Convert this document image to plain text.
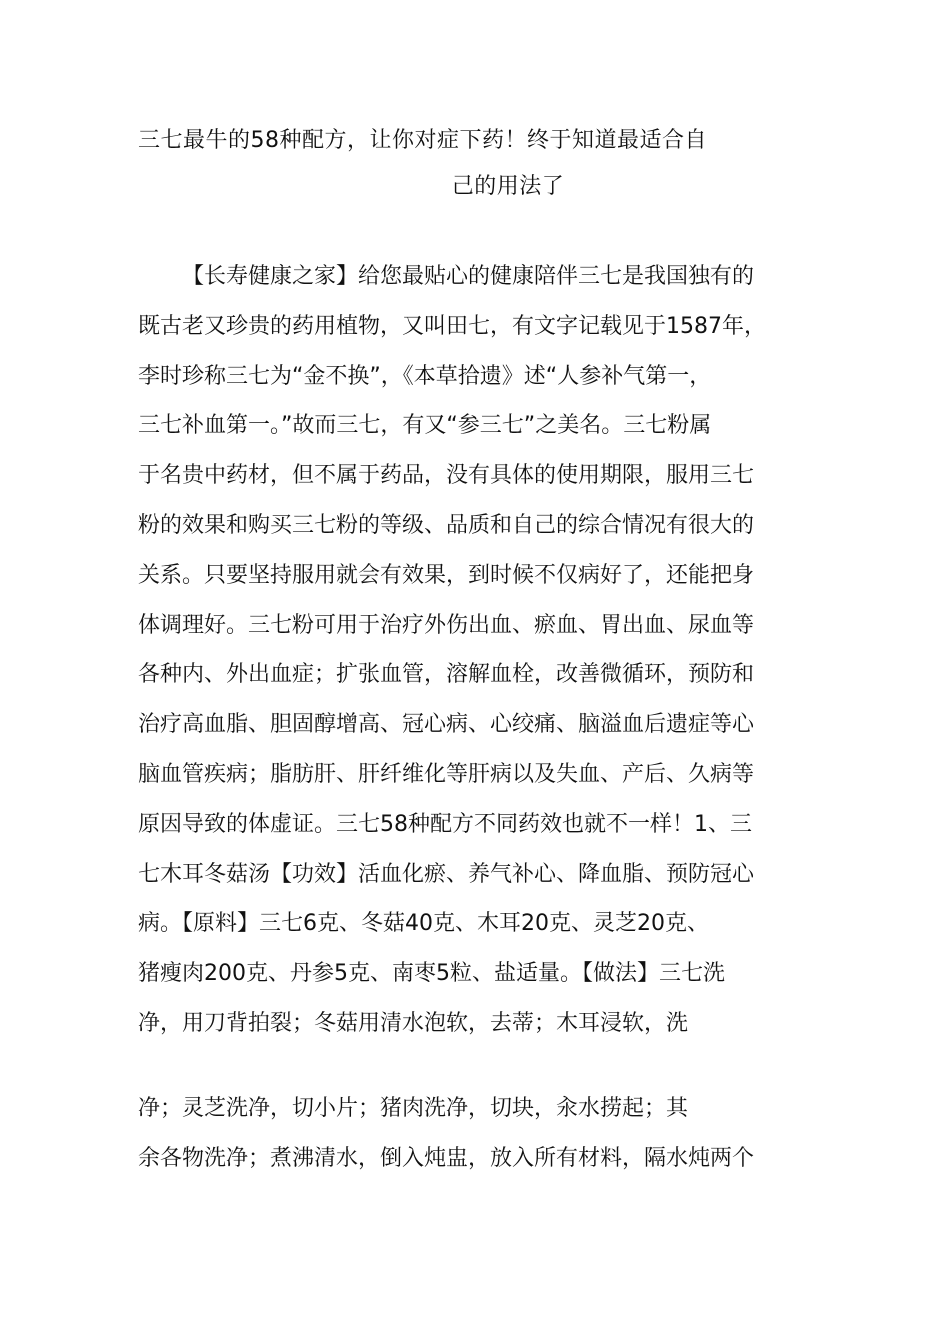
三七最牛的58种配方，让你对症下药！终于知道最适合自
己的用法了
【长寿健康之家】给您最贴心的健康陪伴三七是我国独有的
既古老又珍贵的药用植物，又叫田七，有文字记载见于1587年，
李时珍称三七为“金不换”，《本草拾遗》述“人参补气第一，
三七补血第一。”故而三七，有又“参三七”之美名。三七粉属
于名贵中药材，但不属于药品，没有具体的使用期限，服用三七
粉的效果和购买三七粉的等级、品质和自己的综合情况有很大的
关系。只要坚持服用就会有效果，到时候不仅病好了，还能把身
体调理好。三七粉可用于治疗外伤出血、瘀血、胃出血、尿血等
各种内、外出血症；扩张血管，溶解血栓，改善微循环，预防和
治疗高血脂、胆固醇增高、冠心病、心绞痛、脑溢血后遗症等心
脑血管疾病；脂肪肝、肝纤维化等肝病以及失血、产后、久病等
原因导致的体虚证。三七58种配方不同药效也就不一样！1、三
七木耳冬菇汤【功效】活血化瘀、养气补心、降血脂、预防冠心
病。【原料】三七6克、冬菇40克、木耳20克、灵芝20克、
猪瘦肉200克、丹参5克、南枣5粒、盐适量。【做法】三七洗
净，用刀背拍裂；冬菇用清水泡软，去蒂；木耳浸软，洗
净；灵芝洗净，切小片；猪肉洗净，切块，汆水捞起；其
余各物洗净；煮沸清水，倒入炖盅，放入所有材料，隔水炖两个
